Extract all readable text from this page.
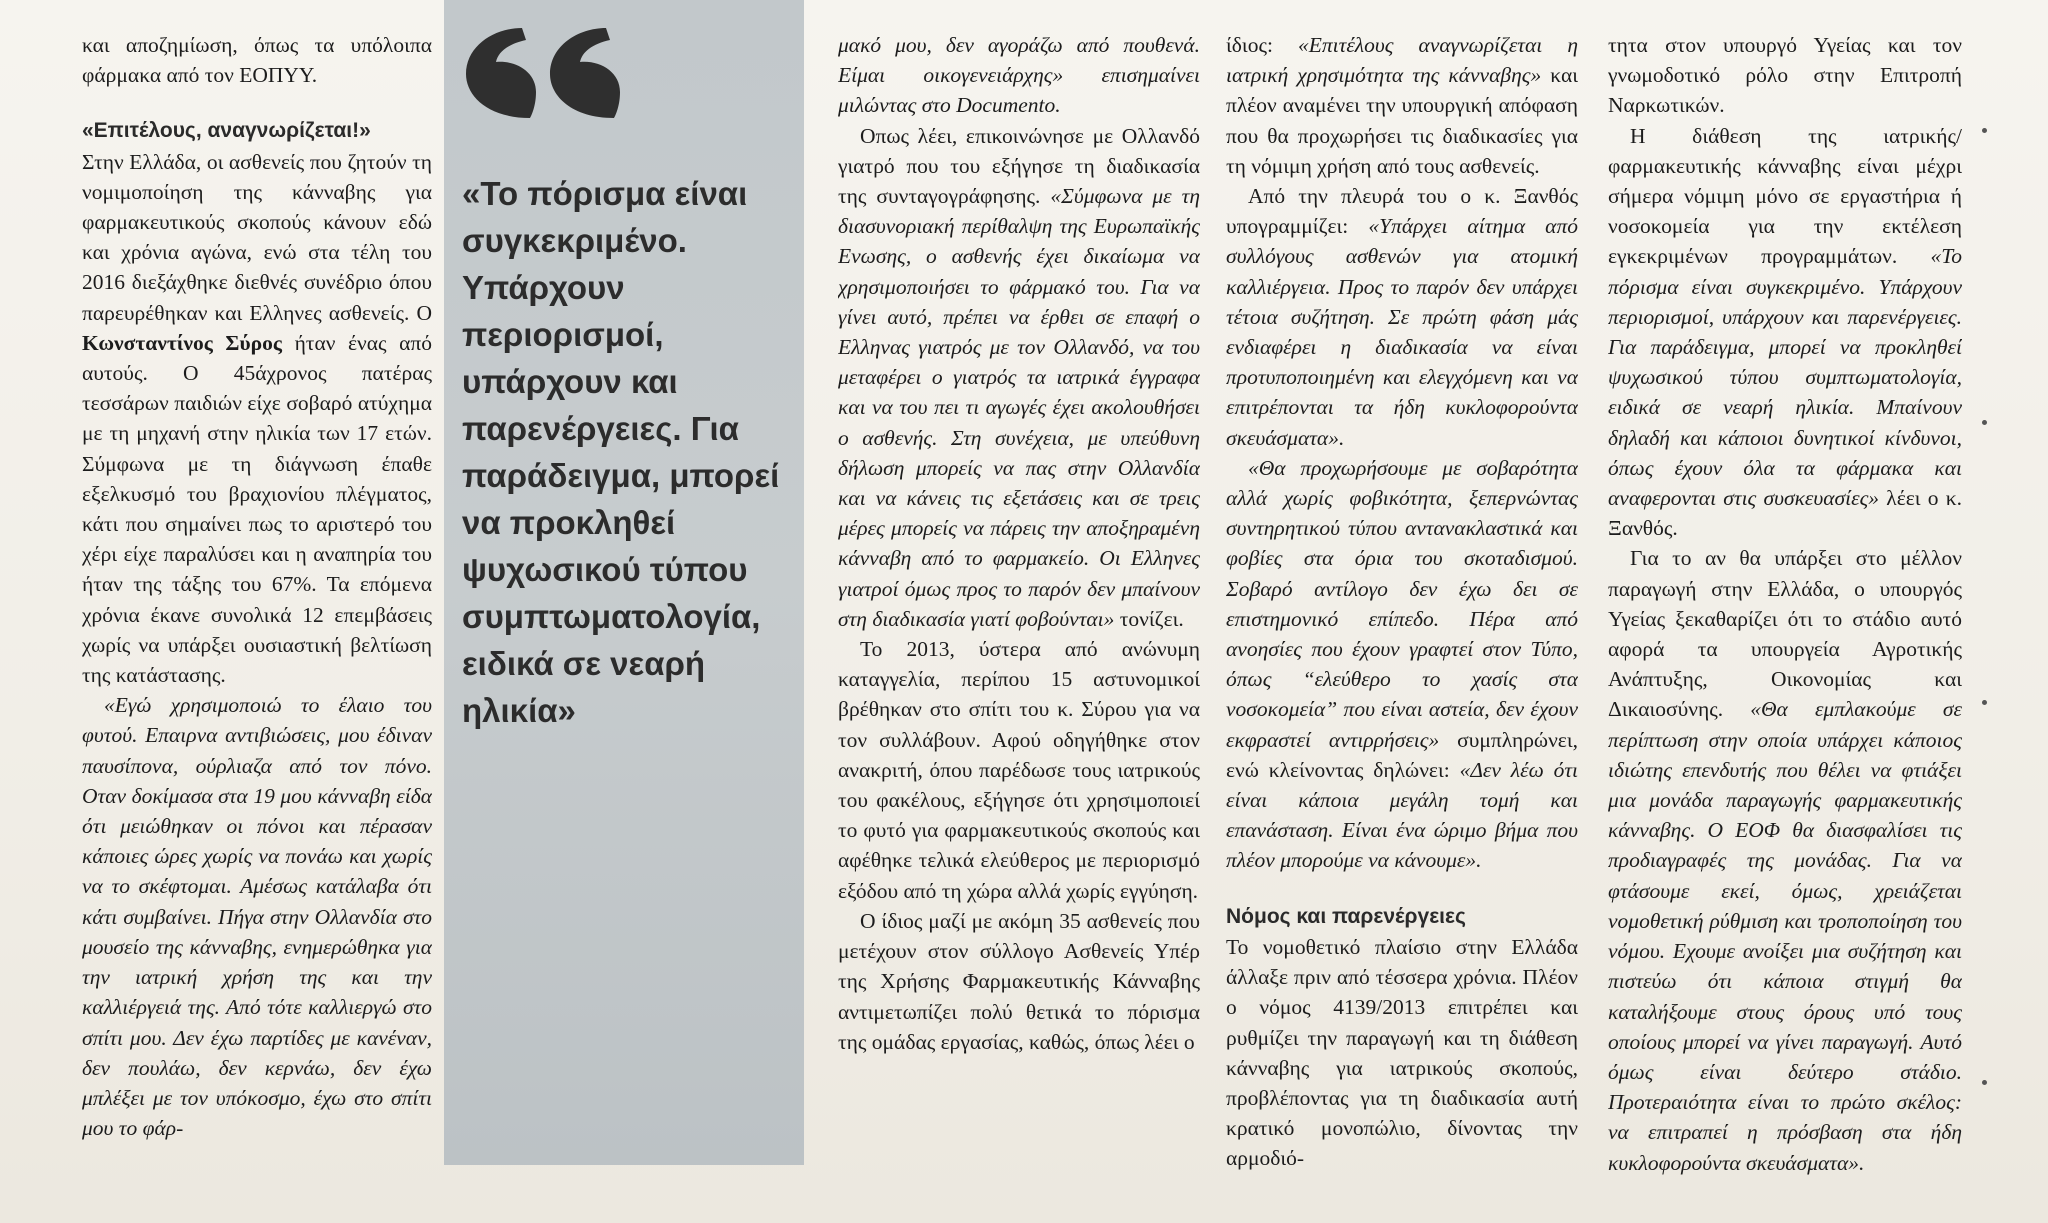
και αποζημίωση, όπως τα υπόλοιπα φάρμακα από τον ΕΟΠΥΥ.

«Επιτέλους, αναγνωρίζεται!»

Στην Ελλάδα, οι ασθενείς που ζητούν τη νομιμοποίηση της κάνναβης για φαρμακευτικούς σκοπούς κάνουν εδώ και χρόνια αγώνα, ενώ στα τέλη του 2016 διεξάχθηκε διεθνές συνέδριο όπου παρευρέθηκαν και Ελληνες ασθενείς. Ο Κωνσταντίνος Σύρος ήταν ένας από αυτούς. Ο 45άχρονος πατέρας τεσσάρων παιδιών είχε σοβαρό ατύχημα με τη μηχανή στην ηλικία των 17 ετών. Σύμφωνα με τη διάγνωση έπαθε εξελκυσμό του βραχιονίου πλέγματος, κάτι που σημαίνει πως το αριστερό του χέρι είχε παραλύσει και η αναπηρία του ήταν της τάξης του 67%. Τα επόμενα χρόνια έκανε συνολικά 12 επεμβάσεις χωρίς να υπάρξει ουσιαστική βελτίωση της κατάστασης.

«Εγώ χρησιμοποιώ το έλαιο του φυτού. Επαιρνα αντιβιώσεις, μου έδιναν παυσίπονα, ούρλιαζα από τον πόνο. Οταν δοκίμασα στα 19 μου κάνναβη είδα ότι μειώθηκαν οι πόνοι και πέρασαν κάποιες ώρες χωρίς να πονάω και χωρίς να το σκέφτομαι. Αμέσως κατάλαβα ότι κάτι συμβαίνει. Πήγα στην Ολλανδία στο μουσείο της κάνναβης, ενημερώθηκα για την ιατρική χρήση της και την καλλιέργειά της. Από τότε καλλιεργώ στο σπίτι μου. Δεν έχω παρτίδες με κανέναν, δεν πουλάω, δεν κερνάω, δεν έχω μπλέξει με τον υπόκοσμο, έχω στο σπίτι μου το φάρ-

«Το πόρισμα είναι συγκεκριμένο. Υπάρχουν περιορισμοί, υπάρχουν και παρενέργειες. Για παράδειγμα, μπορεί να προκληθεί ψυχωσικού τύπου συμπτωματολογία, ειδικά σε νεαρή ηλικία»

μακό μου, δεν αγοράζω από πουθενά. Είμαι οικογενειάρχης» επισημαίνει μιλώντας στο Documento.

Οπως λέει, επικοινώνησε με Ολλανδό γιατρό που του εξήγησε τη διαδικασία της συνταγογράφησης. «Σύμφωνα με τη διασυνοριακή περίθαλψη της Ευρωπαϊκής Ενωσης, ο ασθενής έχει δικαίωμα να χρησιμοποιήσει το φάρμακό του. Για να γίνει αυτό, πρέπει να έρθει σε επαφή ο Ελληνας γιατρός με τον Ολλανδό, να του μεταφέρει ο γιατρός τα ιατρικά έγγραφα και να του πει τι αγωγές έχει ακολουθήσει ο ασθενής. Στη συνέχεια, με υπεύθυνη δήλωση μπορείς να πας στην Ολλανδία και να κάνεις τις εξετάσεις και σε τρεις μέρες μπορείς να πάρεις την αποξηραμένη κάνναβη από το φαρμακείο. Οι Ελληνες γιατροί όμως προς το παρόν δεν μπαίνουν στη διαδικασία γιατί φοβούνται» τονίζει.

Το 2013, ύστερα από ανώνυμη καταγγελία, περίπου 15 αστυνομικοί βρέθηκαν στο σπίτι του κ. Σύρου για να τον συλλάβουν. Αφού οδηγήθηκε στον ανακριτή, όπου παρέδωσε τους ιατρικούς του φακέλους, εξήγησε ότι χρησιμοποιεί το φυτό για φαρμακευτικούς σκοπούς και αφέθηκε τελικά ελεύθερος με περιορισμό εξόδου από τη χώρα αλλά χωρίς εγγύηση.

Ο ίδιος μαζί με ακόμη 35 ασθενείς που μετέχουν στον σύλλογο Ασθενείς Υπέρ της Χρήσης Φαρμακευτικής Κάνναβης αντιμετωπίζει πολύ θετικά το πόρισμα της ομάδας εργασίας, καθώς, όπως λέει ο

ίδιος: «Επιτέλους αναγνωρίζεται η ιατρική χρησιμότητα της κάνναβης» και πλέον αναμένει την υπουργική απόφαση που θα προχωρήσει τις διαδικασίες για τη νόμιμη χρήση από τους ασθενείς.

Από την πλευρά του ο κ. Ξανθός υπογραμμίζει: «Υπάρχει αίτημα από συλλόγους ασθενών για ατομική καλλιέργεια. Προς το παρόν δεν υπάρχει τέτοια συζήτηση. Σε πρώτη φάση μάς ενδιαφέρει η διαδικασία να είναι προτυποποιημένη και ελεγχόμενη και να επιτρέπονται τα ήδη κυκλοφορούντα σκευάσματα».

«Θα προχωρήσουμε με σοβαρότητα αλλά χωρίς φοβικότητα, ξεπερνώντας συντηρητικού τύπου αντανακλαστικά και φοβίες στα όρια του σκοταδισμού. Σοβαρό αντίλογο δεν έχω δει σε επιστημονικό επίπεδο. Πέρα από ανοησίες που έχουν γραφτεί στον Τύπο, όπως “ελεύθερο το χασίς στα νοσοκομεία” που είναι αστεία, δεν έχουν εκφραστεί αντιρρήσεις» συμπληρώνει, ενώ κλείνοντας δηλώνει: «Δεν λέω ότι είναι κάποια μεγάλη τομή και επανάσταση. Είναι ένα ώριμο βήμα που πλέον μπορούμε να κάνουμε».

Νόμος και παρενέργειες

Το νομοθετικό πλαίσιο στην Ελλάδα άλλαξε πριν από τέσσερα χρόνια. Πλέον ο νόμος 4139/2013 επιτρέπει και ρυθμίζει την παραγωγή και τη διάθεση κάνναβης για ιατρικούς σκοπούς, προβλέποντας για τη διαδικασία αυτή κρατικό μονοπώλιο, δίνοντας την αρμοδιό-

τητα στον υπουργό Υγείας και τον γνωμοδοτικό ρόλο στην Επιτροπή Ναρκωτικών.

Η διάθεση της ιατρικής/φαρμακευτικής κάνναβης είναι μέχρι σήμερα νόμιμη μόνο σε εργαστήρια ή νοσοκομεία για την εκτέλεση εγκεκριμένων προγραμμάτων. «Το πόρισμα είναι συγκεκριμένο. Υπάρχουν περιορισμοί, υπάρχουν και παρενέργειες. Για παράδειγμα, μπορεί να προκληθεί ψυχωσικού τύπου συμπτωματολογία, ειδικά σε νεαρή ηλικία. Μπαίνουν δηλαδή και κάποιοι δυνητικοί κίνδυνοι, όπως έχουν όλα τα φάρμακα και αναφερονται στις συσκευασίες» λέει ο κ. Ξανθός.

Για το αν θα υπάρξει στο μέλλον παραγωγή στην Ελλάδα, ο υπουργός Υγείας ξεκαθαρίζει ότι το στάδιο αυτό αφορά τα υπουργεία Αγροτικής Ανάπτυξης, Οικονομίας και Δικαιοσύνης. «Θα εμπλακούμε σε περίπτωση στην οποία υπάρχει κάποιος ιδιώτης επενδυτής που θέλει να φτιάξει μια μονάδα παραγωγής φαρμακευτικής κάνναβης. Ο ΕΟΦ θα διασφαλίσει τις προδιαγραφές της μονάδας. Για να φτάσουμε εκεί, όμως, χρειάζεται νομοθετική ρύθμιση και τροποποίηση του νόμου. Εχουμε ανοίξει μια συζήτηση και πιστεύω ότι κάποια στιγμή θα καταλήξουμε στους όρους υπό τους οποίους μπορεί να γίνει παραγωγή. Αυτό όμως είναι δεύτερο στάδιο. Προτεραιότητα είναι το πρώτο σκέλος: να επιτραπεί η πρόσβαση στα ήδη κυκλοφορούντα σκευάσματα».
